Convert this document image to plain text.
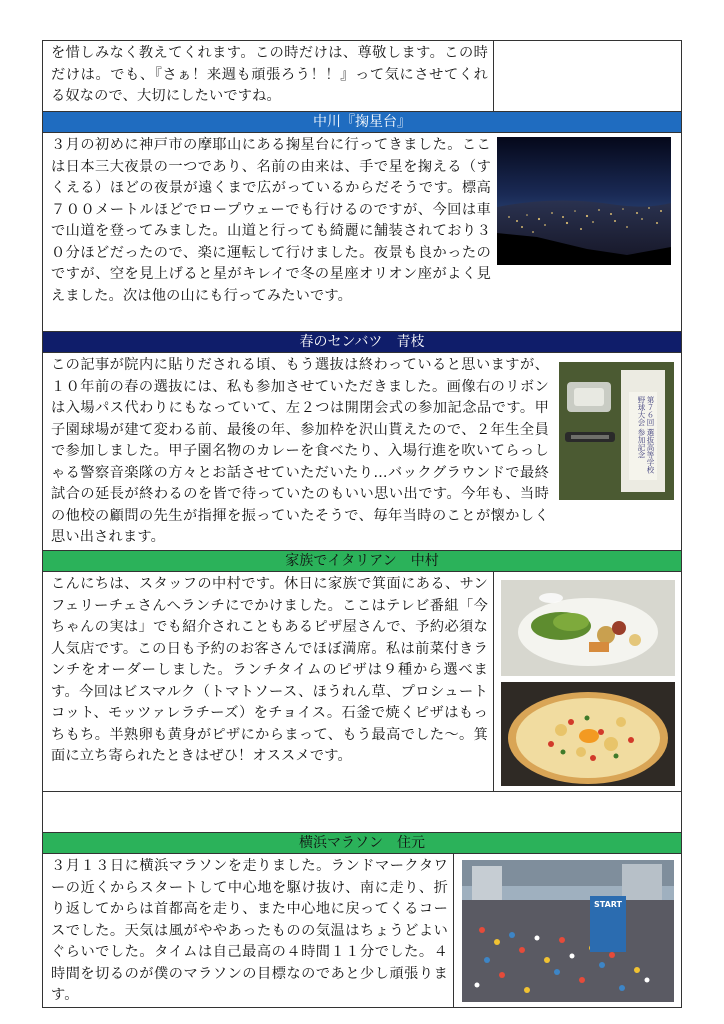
を惜しみなく教えてくれます。この時だけは、尊敬します。この時だけは。でも、『さぁ！来週も頑張ろう！！』って気にさせてくれる奴なので、大切にしたいですね。
中川『掬星台』
３月の初めに神戸市の摩耶山にある掬星台に行ってきました。ここは日本三大夜景の一つであり、名前の由来は、手で星を掬える（すくえる）ほどの夜景が遠くまで広がっているからだそうです。標高７００メートルほどでロープウェーでも行けるのですが、今回は車で山道を登ってみました。山道と行っても綺麗に舗装されており３０分ほどだったので、楽に運転して行けました。夜景も良かったのですが、空を見上げると星がキレイで冬の星座オリオン座がよく見えました。次は他の山にも行ってみたいです。
春のセンバツ　青枝
この記事が院内に貼りだされる頃、もう選抜は終わっていると思いますが、１０年前の春の選抜には、私も参加させていただきました。画像右のリボンは入場パス代わりにもなっていて、左２つは開閉会式の参加記念品です。甲子園球場が建て変わる前、最後の年、参加枠を沢山貰えたので、２年生全員で参加しました。甲子園名物のカレーを食べたり、入場行進を吹いてらっしゃる警察音楽隊の方々とお話させていただいたり…バックグラウンドで最終試合の延長が終わるのを皆で待っていたのもいい思い出です。今年も、当時の他校の顧問の先生が指揮を振っていたそうで、毎年当時のことが懐かしく思い出されます。
第７６回 選抜高等学校野球大会 参加記念
家族でイタリアン　中村
こんにちは、スタッフの中村です。休日に家族で箕面にある、サンフェリーチェさんへランチにでかけました。ここはテレビ番組「今ちゃんの実は」でも紹介されこともあるピザ屋さんで、予約必須な人気店です。この日も予約のお客さんでほぼ満席。私は前菜付きランチをオーダーしました。ランチタイムのピザは９種から選べます。今回はビスマルク（トマトソース、ほうれん草、プロシュートコット、モッツァレラチーズ）をチョイス。石釜で焼くピザはもっちもち。半熟卵も黄身がピザにからまって、もう最高でした～。箕面に立ち寄られたときはぜひ！オススメです。
横浜マラソン　住元
３月１３日に横浜マラソンを走りました。ランドマークタワーの近くからスタートして中心地を駆け抜け、南に走り、折り返してからは首都高を走り、また中心地に戻ってくるコースでした。天気は風がややあったものの気温はちょうどよいぐらいでした。タイムは自己最高の４時間１１分でした。４時間を切るのが僕のマラソンの目標なのであと少し頑張ります。
START
